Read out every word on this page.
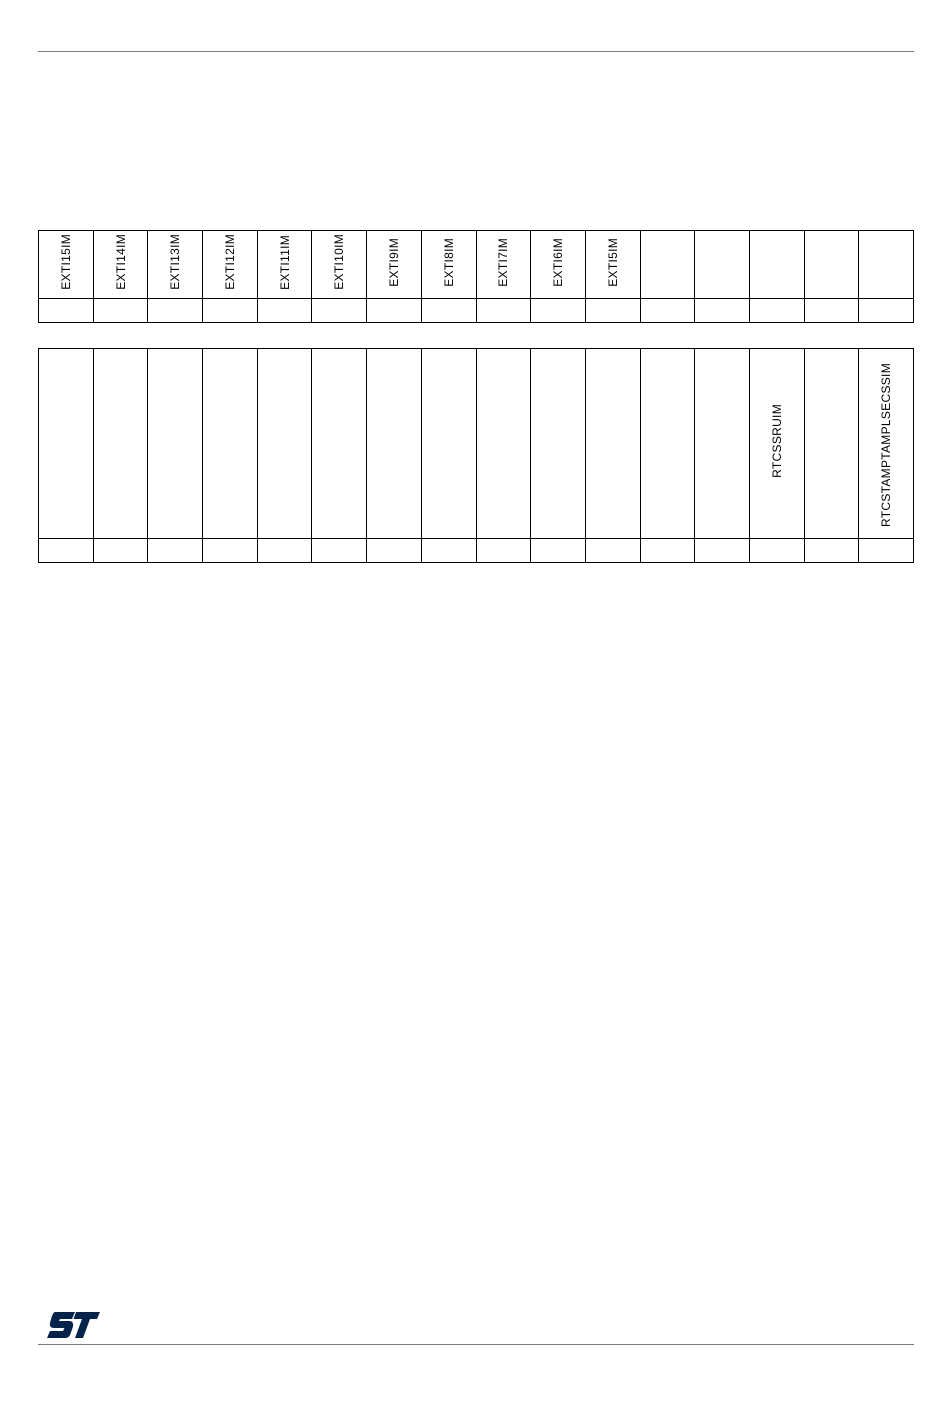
EXTI15IM	EXTI14IM	EXTI13IM	EXTI12IM	EXTI11IM	EXTI10IM	EXTI9IM	EXTI8IM	EXTI7IM	EXTI6IM	EXTI5IM					

													RTCSSRUIM		RTCSTAMPTAMPLSECSSIM
